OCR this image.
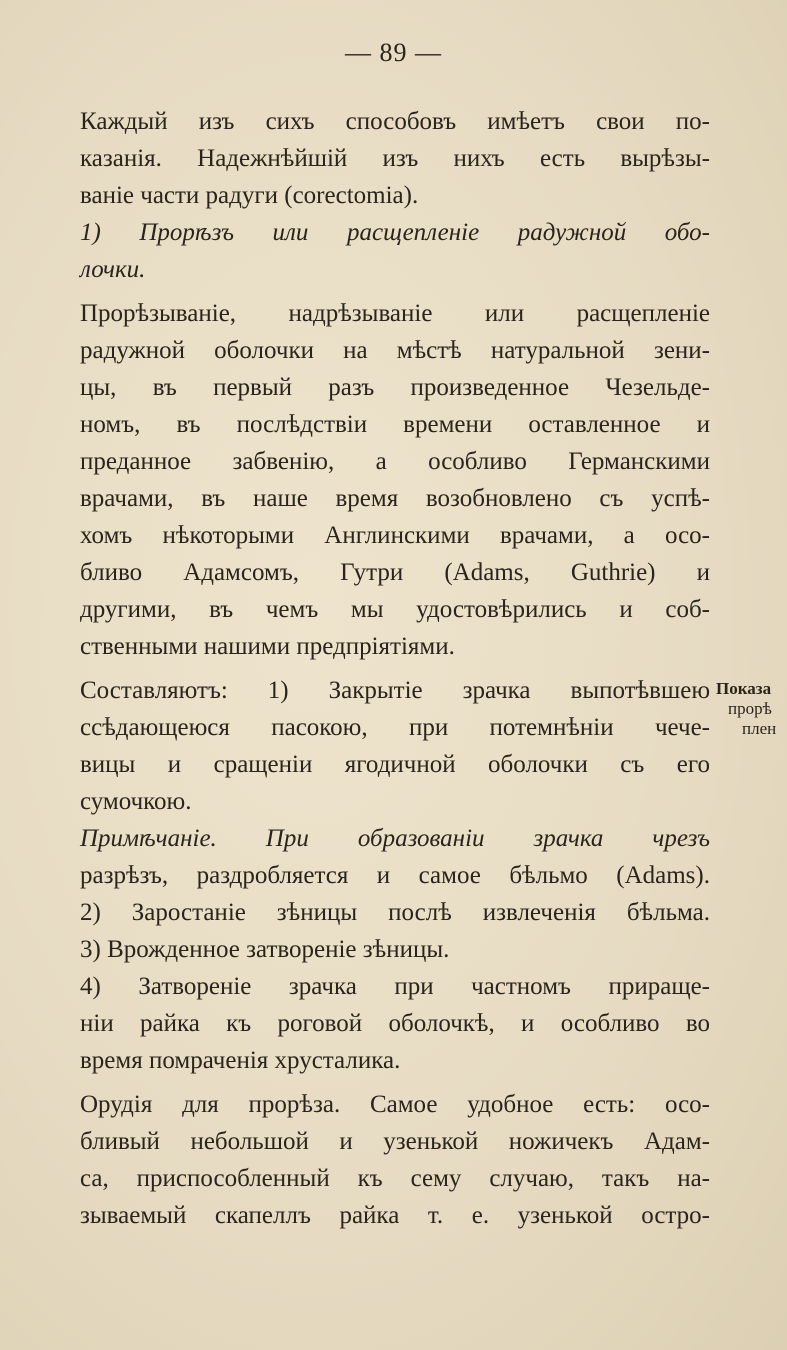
— 89 —
Каждый изъ сихъ способовъ имѣетъ свои по-
казанія. Надежнѣйшій изъ нихъ есть вырѣзы-
ваніе части радуги (corectomia).
1) Прорѣзъ или расщепленіе радужной обо-
лочки.
Прорѣзываніе, надрѣзываніе или расщепленіе
радужной оболочки на мѣстѣ натуральной зени-
цы, въ первый разъ произведенное Чезельде-
номъ, въ послѣдствіи времени оставленное и
преданное забвенію, а особливо Германскими
врачами, въ наше время возобновлено съ успѣ-
хомъ нѣкоторыми Англинскими врачами, а осо-
бливо Адамсомъ, Гутри (Adams, Guthrie) и
другими, въ чемъ мы удостовѣрились и соб-
ственными нашими предпріятіями.
Составляютъ: 1) Закрытіе зрачка выпотѣвшею
ссѣдающеюся пасокою, при потемнѣніи чече-
вицы и сращеніи ягодичной оболочки съ его
сумочкою.
Примѣчаніе. При образованіи зрачка чрезъ
разрѣзъ, раздробляется и самое бѣльмо (Adams).
2) Заростаніе зѣницы послѣ извлеченія бѣльма.
3) Врожденное затвореніе зѣницы.
4) Затвореніе зрачка при частномъ приращe-
ніи райка къ роговой оболочкѣ, и особливо во
время помраченія хрусталика.
Орудія для прорѣза. Самое удобное есть: осо-
бливый небольшой и узенькой ножичекъ Адам-
са, приспособленный къ сему случаю, такъ на-
зываемый скапеллъ райка т. е. узенькой остро-
Показа
прорѣ
плен
